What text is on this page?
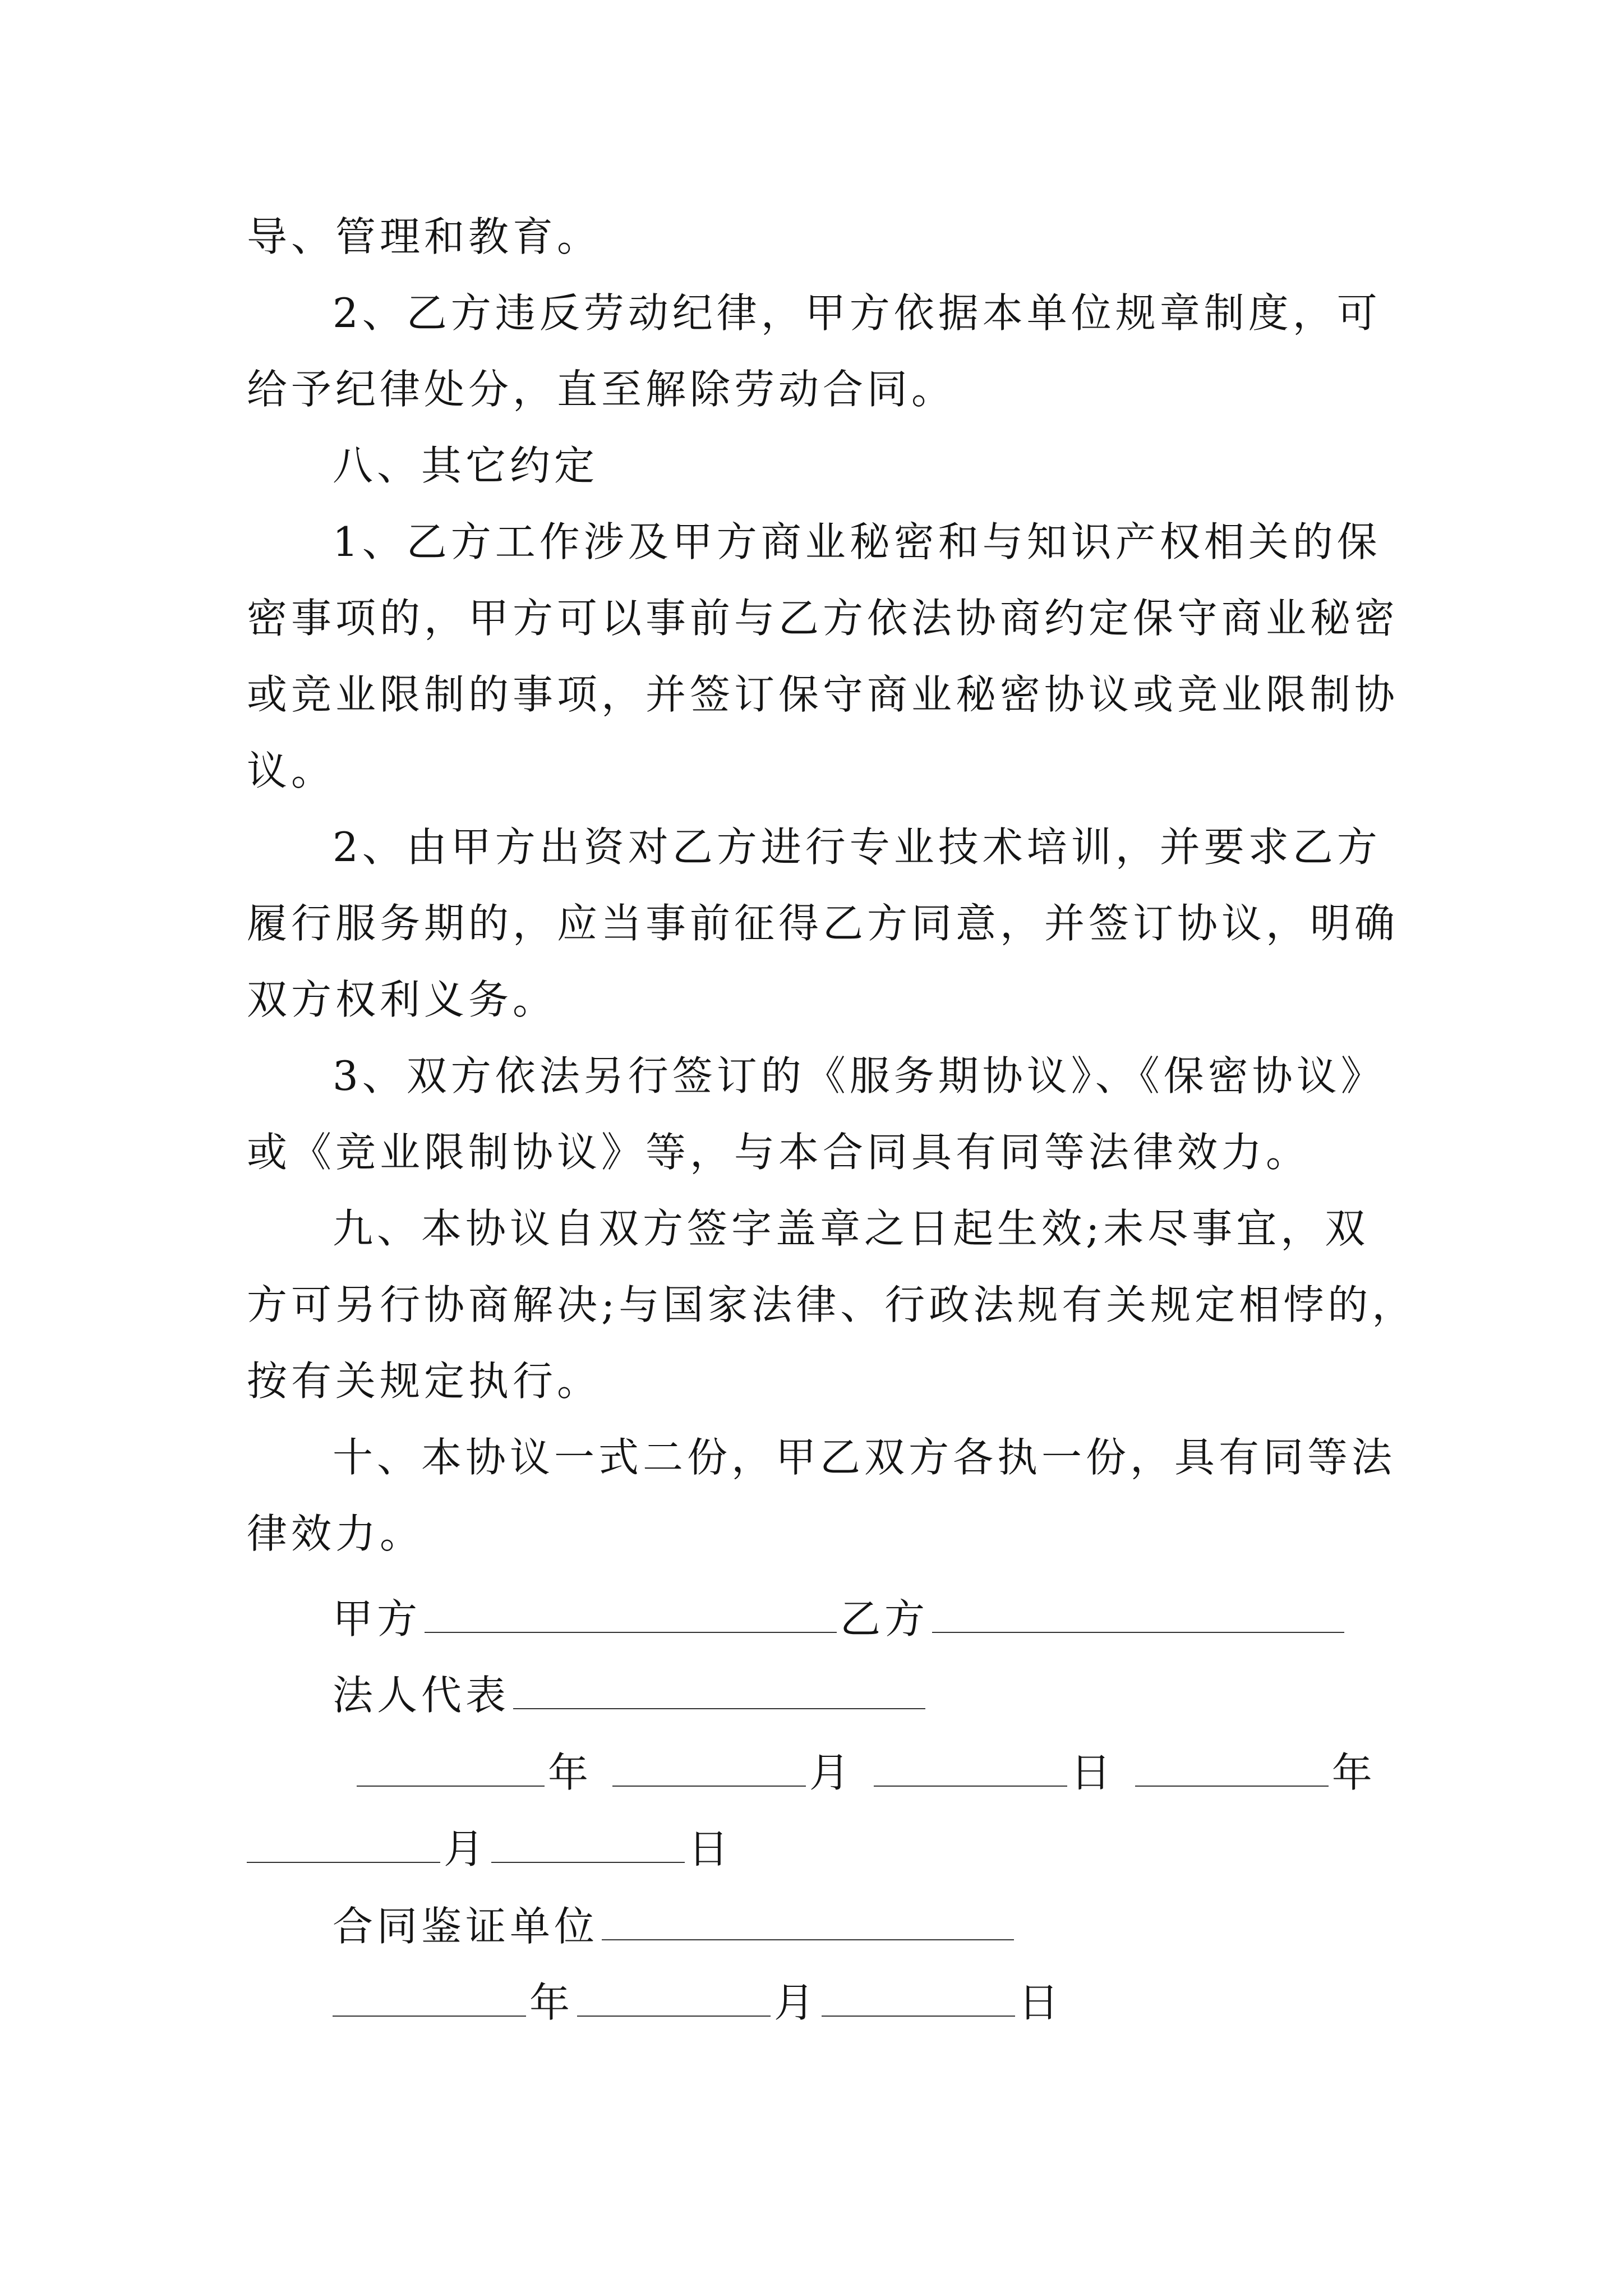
导、管理和教育。
2、乙方违反劳动纪律，甲方依据本单位规章制度，可
给予纪律处分，直至解除劳动合同。
八、其它约定
1、乙方工作涉及甲方商业秘密和与知识产权相关的保
密事项的，甲方可以事前与乙方依法协商约定保守商业秘密
或竞业限制的事项，并签订保守商业秘密协议或竞业限制协
议。
2、由甲方出资对乙方进行专业技术培训，并要求乙方
履行服务期的，应当事前征得乙方同意，并签订协议，明确
双方权利义务。
3、双方依法另行签订的《服务期协议》、《保密协议》
或《竞业限制协议》等，与本合同具有同等法律效力。
九、本协议自双方签字盖章之日起生效;未尽事宜，双
方可另行协商解决;与国家法律、行政法规有关规定相悖的，
按有关规定执行。
十、本协议一式二份，甲乙双方各执一份，具有同等法
律效力。
甲方	乙方
法人代表
年	月	日	年
月	日
合同鉴证单位
年	月	日
